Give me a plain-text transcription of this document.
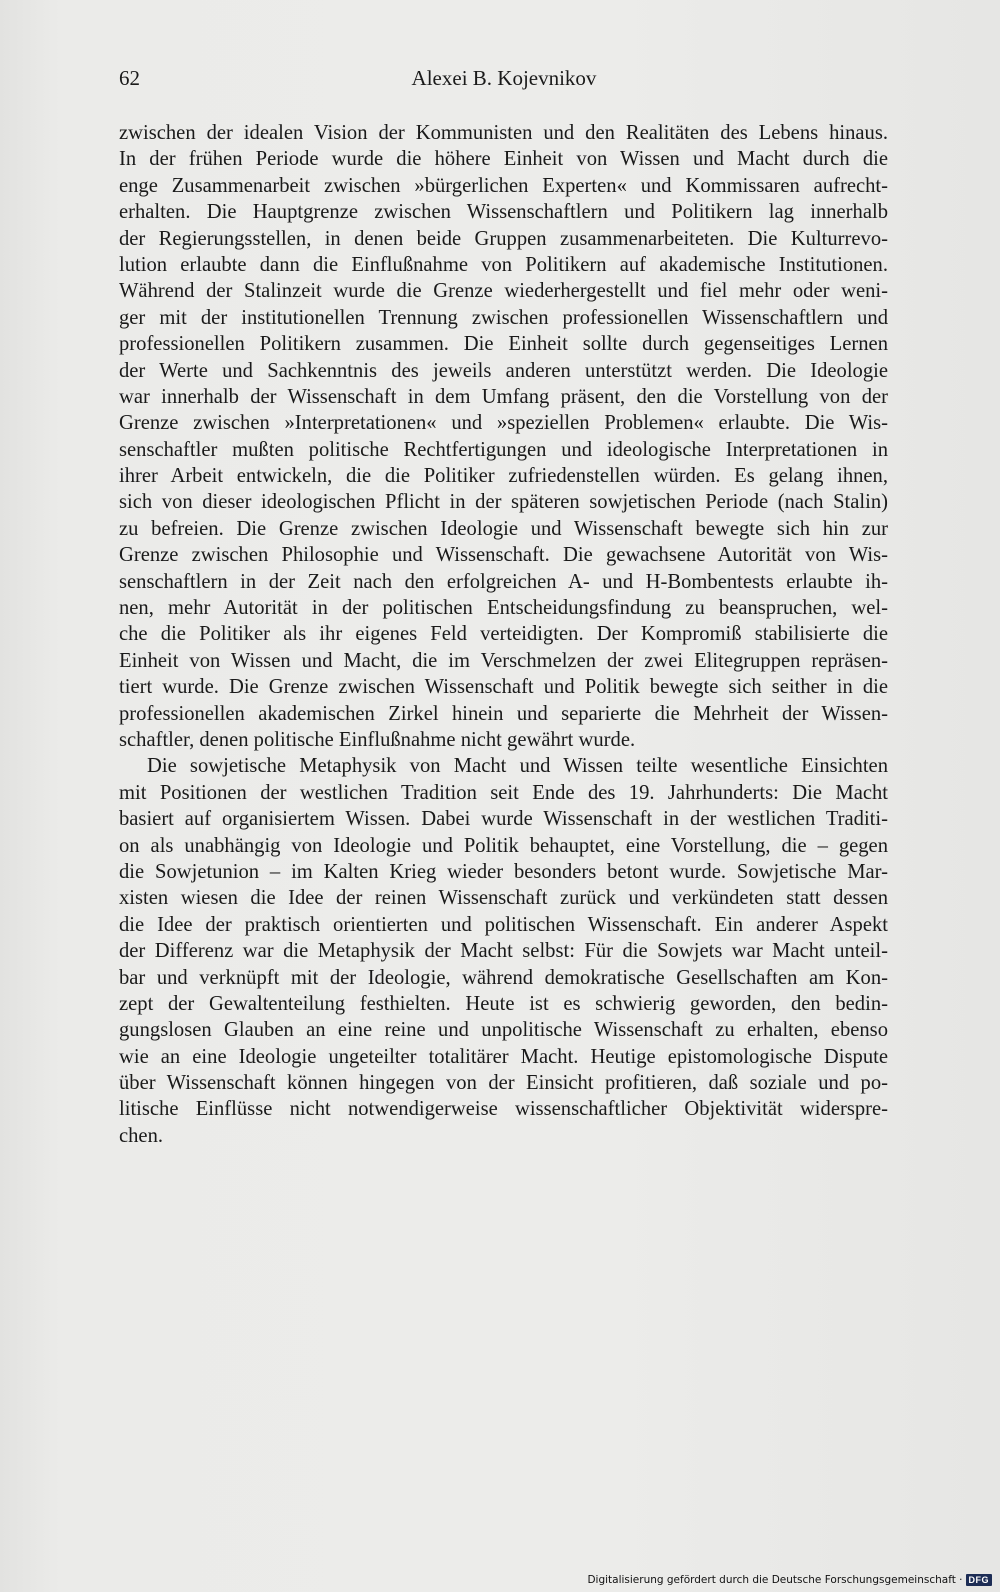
62	Alexei B. Kojevnikov
zwischen der idealen Vision der Kommunisten und den Realitäten des Lebens hinaus.
In der frühen Periode wurde die höhere Einheit von Wissen und Macht durch die
enge Zusammenarbeit zwischen »bürgerlichen Experten« und Kommissaren aufrecht-
erhalten. Die Hauptgrenze zwischen Wissenschaftlern und Politikern lag innerhalb
der Regierungsstellen, in denen beide Gruppen zusammenarbeiteten. Die Kulturrevo-
lution erlaubte dann die Einflußnahme von Politikern auf akademische Institutionen.
Während der Stalinzeit wurde die Grenze wiederhergestellt und fiel mehr oder weni-
ger mit der institutionellen Trennung zwischen professionellen Wissenschaftlern und
professionellen Politikern zusammen. Die Einheit sollte durch gegenseitiges Lernen
der Werte und Sachkenntnis des jeweils anderen unterstützt werden. Die Ideologie
war innerhalb der Wissenschaft in dem Umfang präsent, den die Vorstellung von der
Grenze zwischen »Interpretationen« und »speziellen Problemen« erlaubte. Die Wis-
senschaftler mußten politische Rechtfertigungen und ideologische Interpretationen in
ihrer Arbeit entwickeln, die die Politiker zufriedenstellen würden. Es gelang ihnen,
sich von dieser ideologischen Pflicht in der späteren sowjetischen Periode (nach Stalin)
zu befreien. Die Grenze zwischen Ideologie und Wissenschaft bewegte sich hin zur
Grenze zwischen Philosophie und Wissenschaft. Die gewachsene Autorität von Wis-
senschaftlern in der Zeit nach den erfolgreichen A- und H-Bombentests erlaubte ih-
nen, mehr Autorität in der politischen Entscheidungsfindung zu beanspruchen, wel-
che die Politiker als ihr eigenes Feld verteidigten. Der Kompromiß stabilisierte die
Einheit von Wissen und Macht, die im Verschmelzen der zwei Elitegruppen repräsen-
tiert wurde. Die Grenze zwischen Wissenschaft und Politik bewegte sich seither in die
professionellen akademischen Zirkel hinein und separierte die Mehrheit der Wissen-
schaftler, denen politische Einflußnahme nicht gewährt wurde.
Die sowjetische Metaphysik von Macht und Wissen teilte wesentliche Einsichten
mit Positionen der westlichen Tradition seit Ende des 19. Jahrhunderts: Die Macht
basiert auf organisiertem Wissen. Dabei wurde Wissenschaft in der westlichen Traditi-
on als unabhängig von Ideologie und Politik behauptet, eine Vorstellung, die – gegen
die Sowjetunion – im Kalten Krieg wieder besonders betont wurde. Sowjetische Mar-
xisten wiesen die Idee der reinen Wissenschaft zurück und verkündeten statt dessen
die Idee der praktisch orientierten und politischen Wissenschaft. Ein anderer Aspekt
der Differenz war die Metaphysik der Macht selbst: Für die Sowjets war Macht unteil-
bar und verknüpft mit der Ideologie, während demokratische Gesellschaften am Kon-
zept der Gewaltenteilung festhielten. Heute ist es schwierig geworden, den bedin-
gungslosen Glauben an eine reine und unpolitische Wissenschaft zu erhalten, ebenso
wie an eine Ideologie ungeteilter totalitärer Macht. Heutige epistomologische Dispute
über Wissenschaft können hingegen von der Einsicht profitieren, daß soziale und po-
litische Einflüsse nicht notwendigerweise wissenschaftlicher Objektivität widerspre-
chen.
Digitalisierung gefördert durch die Deutsche Forschungsgemeinschaft · DFG
